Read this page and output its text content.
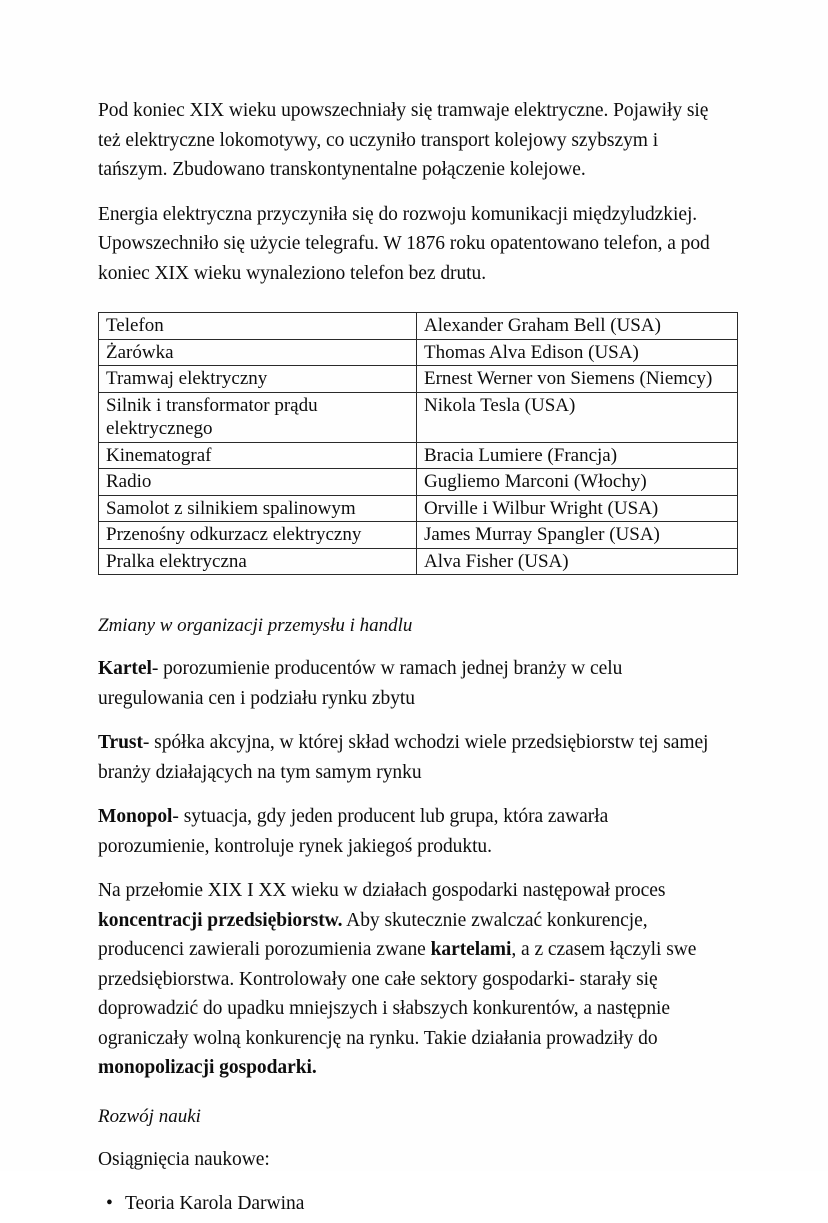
Pod koniec XIX wieku upowszechniały się tramwaje elektryczne. Pojawiły się też elektryczne lokomotywy, co uczyniło transport kolejowy szybszym i tańszym. Zbudowano transkontynentalne połączenie kolejowe.

Energia elektryczna przyczyniła się do rozwoju komunikacji międzyludzkiej. Upowszechniło się użycie telegrafu. W 1876 roku opatentowano telefon, a pod koniec XIX wieku wynaleziono telefon bez drutu.

Telefon	Alexander Graham Bell (USA)
Żarówka	Thomas Alva Edison (USA)
Tramwaj elektryczny	Ernest Werner von Siemens (Niemcy)
Silnik i transformator prądu elektrycznego	Nikola Tesla (USA)
Kinematograf	Bracia Lumiere (Francja)
Radio	Gugliemo Marconi (Włochy)
Samolot z silnikiem spalinowym	Orville i Wilbur Wright (USA)
Przenośny odkurzacz elektryczny	James Murray Spangler (USA)
Pralka elektryczna	Alva Fisher (USA)

Zmiany w organizacji przemysłu i handlu

Kartel- porozumienie producentów w ramach jednej branży w celu uregulowania cen i podziału rynku zbytu

Trust- spółka akcyjna, w której skład wchodzi wiele przedsiębiorstw tej samej branży działających na tym samym rynku

Monopol- sytuacja, gdy jeden producent lub grupa, która zawarła porozumienie, kontroluje rynek jakiegoś produktu.

Na przełomie XIX I XX wieku w działach gospodarki następował proces koncentracji przedsiębiorstw. Aby skutecznie zwalczać konkurencje, producenci zawierali porozumienia zwane kartelami, a z czasem łączyli swe przedsiębiorstwa. Kontrolowały one całe sektory gospodarki- starały się doprowadzić do upadku mniejszych i słabszych konkurentów, a następnie ograniczały wolną konkurencję na rynku. Takie działania prowadziły do monopolizacji gospodarki.

Rozwój nauki

Osiągnięcia naukowe:

• Teoria Karola Darwina
